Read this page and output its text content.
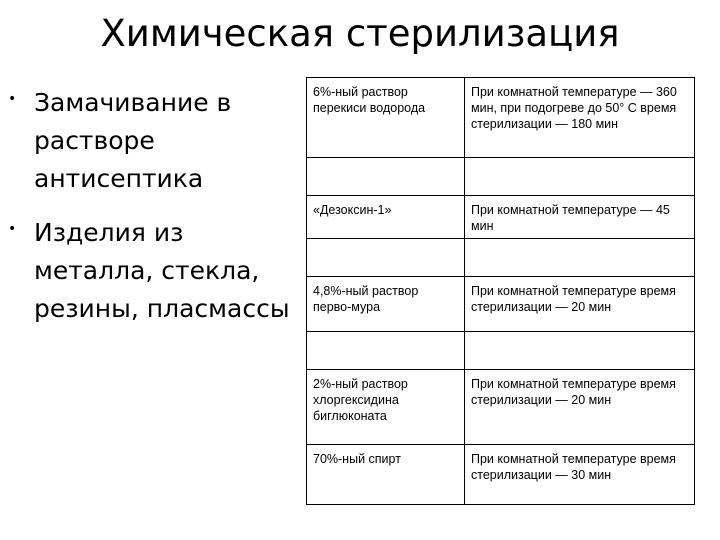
Химическая стерилизация
• Замачивание в растворе антисептика
• Изделия из металла, стекла, резины, пласмассы
6%-ный раствор перекиси водорода	При комнатной температуре — 360 мин, при подогреве до 50° С время стерилизации — 180 мин

«Дезоксин-1»	При комнатной температуре — 45 мин

4,8%-ный раствор перво-мура	При комнатной температуре время стерилизации — 20 мин

2%-ный раствор хлоргексидина биглюконата	При комнатной температуре время стерилизации — 20 мин
70%-ный спирт	При комнатной температуре время стерилизации — 30 мин
